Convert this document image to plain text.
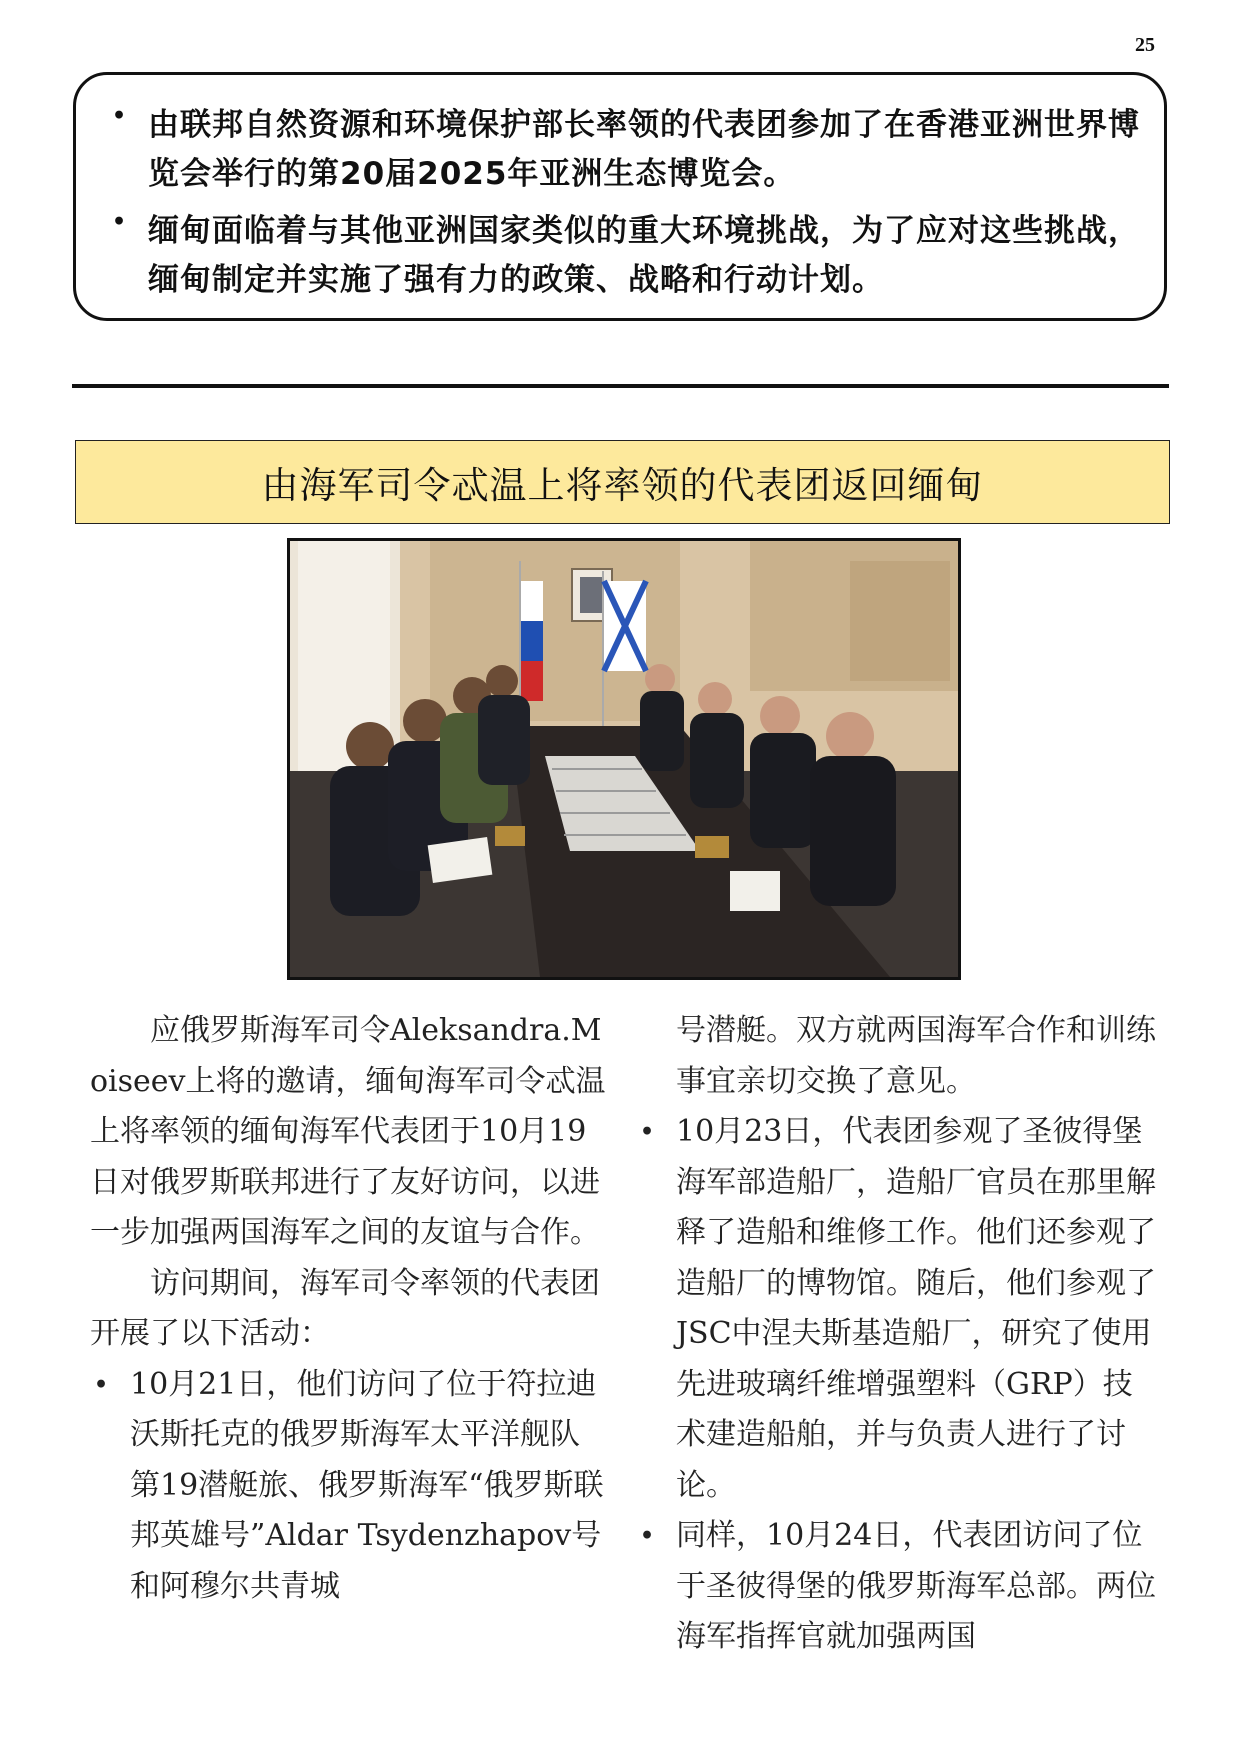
25
• 由联邦自然资源和环境保护部长率领的代表团参加了在香港亚洲世界博览会举行的第20届2025年亚洲生态博览会。
• 缅甸面临着与其他亚洲国家类似的重大环境挑战，为了应对这些挑战，缅甸制定并实施了强有力的政策、战略和行动计划。
由海军司令忒温上将率领的代表团返回缅甸

应俄罗斯海军司令Aleksandra.Moiseev上将的邀请，缅甸海军司令忒温上将率领的缅甸海军代表团于10月19日对俄罗斯联邦进行了友好访问，以进一步加强两国海军之间的友谊与合作。

访问期间，海军司令率领的代表团开展了以下活动：

• 10月21日，他们访问了位于符拉迪沃斯托克的俄罗斯海军太平洋舰队第19潜艇旅、俄罗斯海军“俄罗斯联邦英雄号”Aldar Tsydenzhapov号和阿穆尔共青城

号潜艇。双方就两国海军合作和训练事宜亲切交换了意见。

• 10月23日，代表团参观了圣彼得堡海军部造船厂，造船厂官员在那里解释了造船和维修工作。他们还参观了造船厂的博物馆。随后，他们参观了JSC中涅夫斯基造船厂，研究了使用先进玻璃纤维增强塑料（GRP）技术建造船舶，并与负责人进行了讨论。
• 同样，10月24日，代表团访问了位于圣彼得堡的俄罗斯海军总部。两位海军指挥官就加强两国
